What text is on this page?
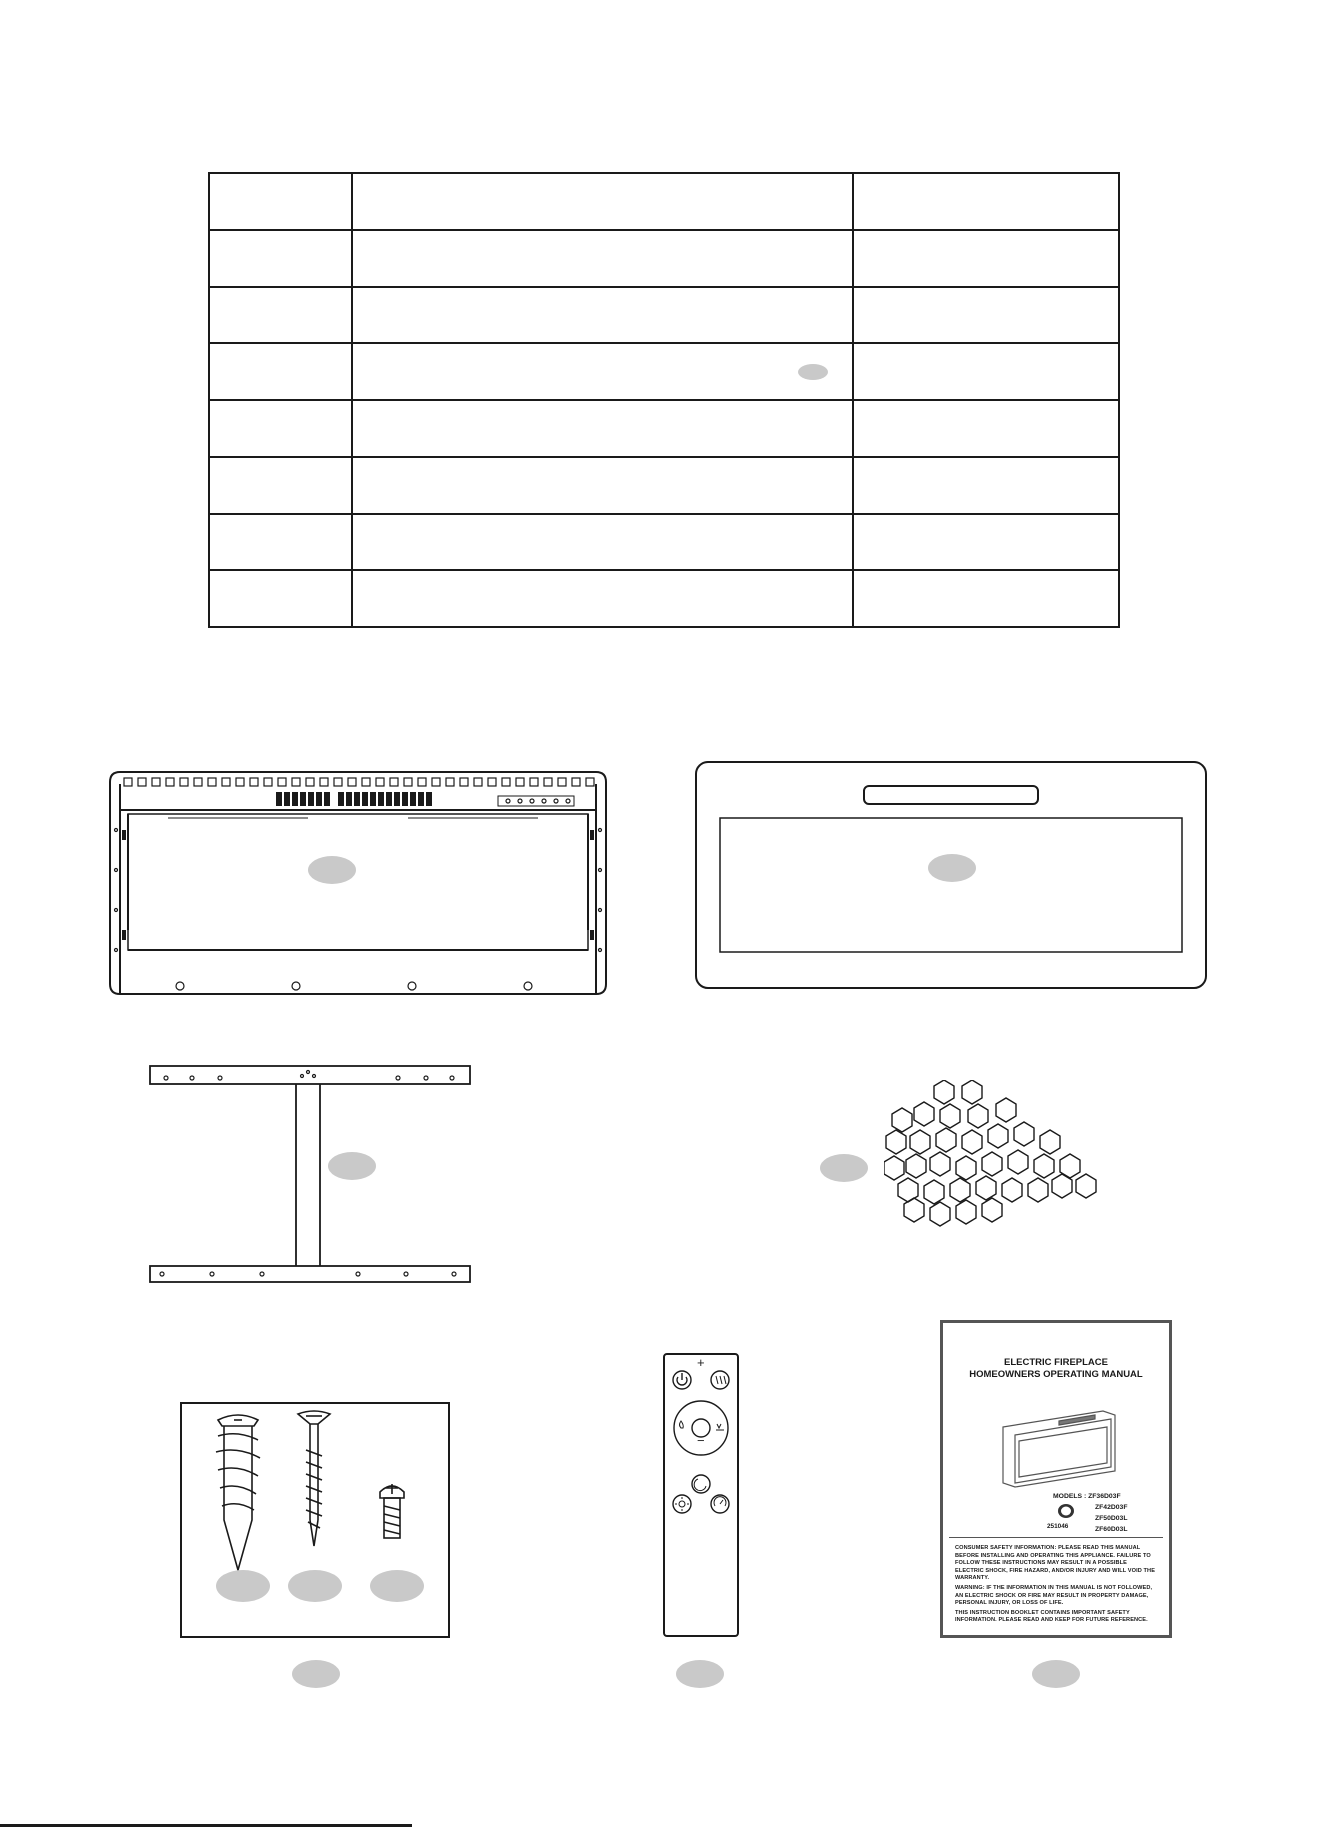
+
−
ELECTRIC FIREPLACE
HOMEOWNERS OPERATING MANUAL
MODELS : ZF36D03F
ZF42D03F
ZF50D03L
ZF60D03L
251046

CONSUMER SAFETY INFORMATION: PLEASE READ THIS MANUAL BEFORE INSTALLING AND OPERATING THIS APPLIANCE. FAILURE TO FOLLOW THESE INSTRUCTIONS MAY RESULT IN A POSSIBLE ELECTRIC SHOCK, FIRE HAZARD, AND/OR INJURY AND WILL VOID THE WARRANTY.

WARNING: IF THE INFORMATION IN THIS MANUAL IS NOT FOLLOWED, AN ELECTRIC SHOCK OR FIRE MAY RESULT IN PROPERTY DAMAGE, PERSONAL INJURY, OR LOSS OF LIFE.

THIS INSTRUCTION BOOKLET CONTAINS IMPORTANT SAFETY INFORMATION. PLEASE READ AND KEEP FOR FUTURE REFERENCE.
